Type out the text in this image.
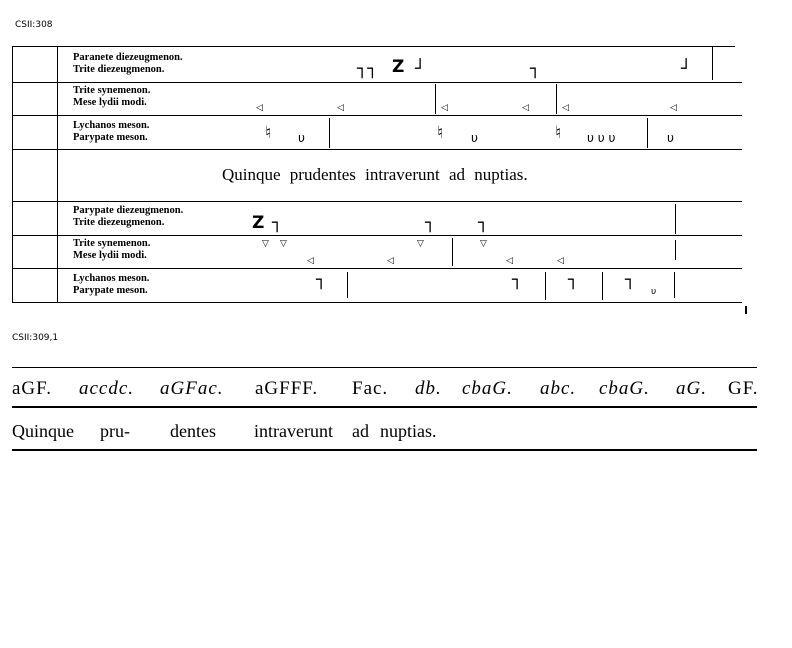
CSII:308
CSII:309,1
Paranete diezeugmenon.
Trite diezeugmenon.
Trite synemenon.
Mese lydii modi.
Lychanos meson.
Parypate meson.
┐┐ Z ┘	┐	┘
◁	◁	◁	◁	◁	◁
♮ υ	♮ υ	♮ υ υ υ	υ
Quinque prudentes intraverunt ad nuptias.
Parypate diezeugmenon.
Trite diezeugmenon.
Trite synemenon.
Mese lydii modi.
Lychanos meson.
Parypate meson.
Z ┐	┐	┐
▽ ▽	▽	▽
◁	◁	◁	◁
┐	┐	┐	┐
υ
aGF. accdc. aGFac. aGFFF. Fac. db. cbaG. abc. cbaG. aG. GF.
Quinque pru- dentes intraverunt ad nuptias.
